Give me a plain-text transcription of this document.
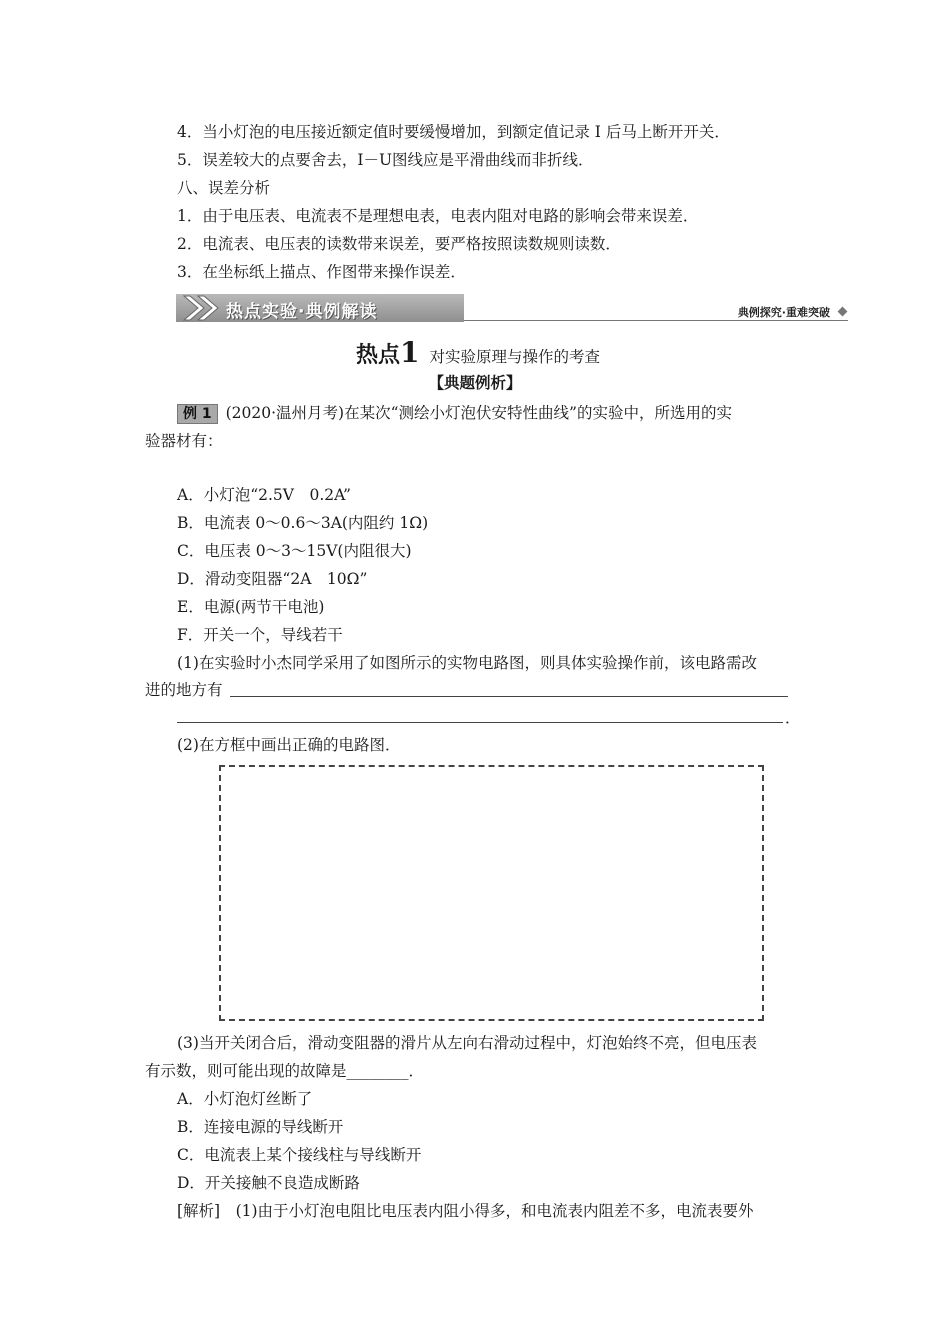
4．当小灯泡的电压接近额定值时要缓慢增加，到额定值记录 I 后马上断开开关．
5．误差较大的点要舍去，I－U图线应是平滑曲线而非折线．
八、误差分析
1．由于电压表、电流表不是理想电表，电表内阻对电路的影响会带来误差．
2．电流表、电压表的读数带来误差，要严格按照读数规则读数．
3．在坐标纸上描点、作图带来操作误差．
热点实验·典例解读	典例探究·重难突破
热点1 对实验原理与操作的考查
【典题例析】
例 1 (2020·温州月考)在某次“测绘小灯泡伏安特性曲线”的实验中，所选用的实
验器材有：
A．小灯泡“2.5V　0.2A”
B．电流表 0～0.6～3A(内阻约 1Ω)
C．电压表 0～3～15V(内阻很大)
D．滑动变阻器“2A　10Ω”
E．电源(两节干电池)
F．开关一个，导线若干
(1)在实验时小杰同学采用了如图所示的实物电路图，则具体实验操作前，该电路需改
进的地方有
．
(2)在方框中画出正确的电路图．
(3)当开关闭合后，滑动变阻器的滑片从左向右滑动过程中，灯泡始终不亮，但电压表
有示数，则可能出现的故障是________．
A．小灯泡灯丝断了
B．连接电源的导线断开
C．电流表上某个接线柱与导线断开
D．开关接触不良造成断路
[解析]　(1)由于小灯泡电阻比电压表内阻小得多，和电流表内阻差不多，电流表要外
